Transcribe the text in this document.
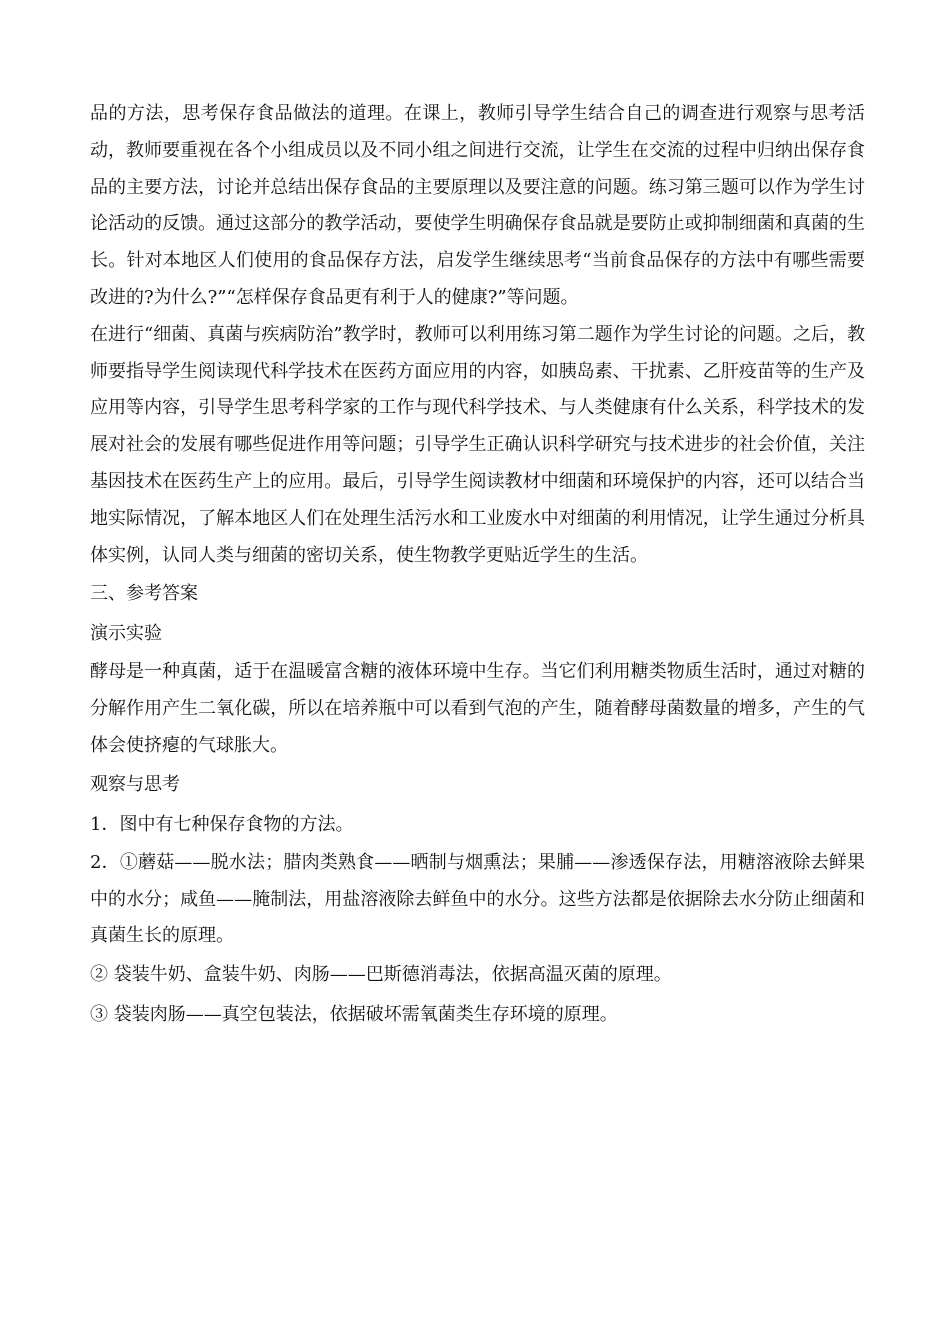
品的方法，思考保存食品做法的道理。在课上，教师引导学生结合自己的调查进行观察与思考活动，教师要重视在各个小组成员以及不同小组之间进行交流，让学生在交流的过程中归纳出保存食品的主要方法，讨论并总结出保存食品的主要原理以及要注意的问题。练习第三题可以作为学生讨论活动的反馈。通过这部分的教学活动，要使学生明确保存食品就是要防止或抑制细菌和真菌的生长。针对本地区人们使用的食品保存方法，启发学生继续思考“当前食品保存的方法中有哪些需要改进的?为什么?”“怎样保存食品更有利于人的健康?”等问题。

在进行“细菌、真菌与疾病防治”教学时，教师可以利用练习第二题作为学生讨论的问题。之后，教师要指导学生阅读现代科学技术在医药方面应用的内容，如胰岛素、干扰素、乙肝疫苗等的生产及应用等内容，引导学生思考科学家的工作与现代科学技术、与人类健康有什么关系，科学技术的发展对社会的发展有哪些促进作用等问题；引导学生正确认识科学研究与技术进步的社会价值，关注基因技术在医药生产上的应用。最后，引导学生阅读教材中细菌和环境保护的内容，还可以结合当地实际情况，了解本地区人们在处理生活污水和工业废水中对细菌的利用情况，让学生通过分析具体实例，认同人类与细菌的密切关系，使生物教学更贴近学生的生活。

三、参考答案

演示实验

酵母是一种真菌，适于在温暖富含糖的液体环境中生存。当它们利用糖类物质生活时，通过对糖的分解作用产生二氧化碳，所以在培养瓶中可以看到气泡的产生，随着酵母菌数量的增多，产生的气体会使挤瘪的气球胀大。

观察与思考

1．图中有七种保存食物的方法。

2．①蘑菇——脱水法；腊肉类熟食——晒制与烟熏法；果脯——渗透保存法，用糖溶液除去鲜果中的水分；咸鱼——腌制法，用盐溶液除去鲜鱼中的水分。这些方法都是依据除去水分防止细菌和真菌生长的原理。

② 袋装牛奶、盒装牛奶、肉肠——巴斯德消毒法，依据高温灭菌的原理。

③ 袋装肉肠——真空包装法，依据破坏需氧菌类生存环境的原理。
